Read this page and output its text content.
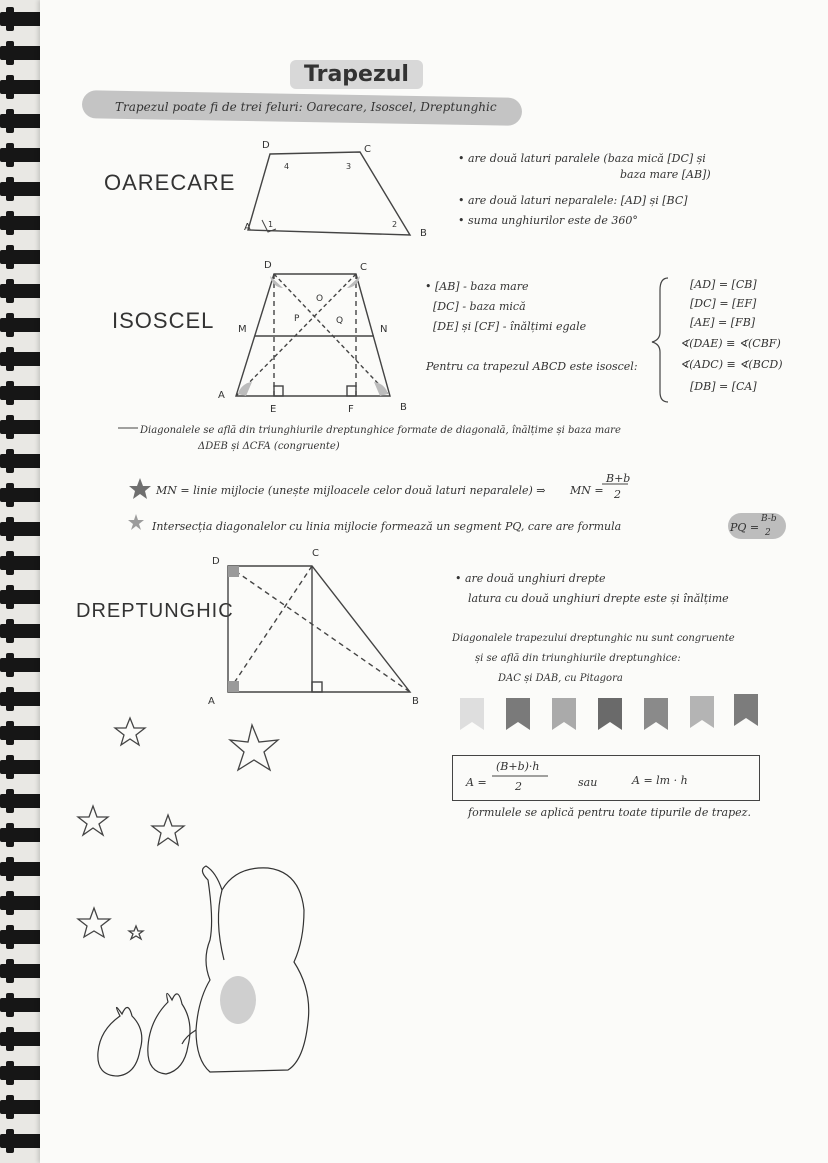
Trapezul
Trapezul poate fi de trei feluri: Oarecare, Isoscel, Dreptunghic
OARECARE
• are două laturi paralele (baza mică [DC] și
baza mare [AB])
• are două laturi neparalele: [AD] și [BC]
• suma unghiurilor este de 360°
ISOSCEL
• [AB] - baza mare
[DC] - baza mică
[DE] și [CF] - înălțimi egale
Pentru ca trapezul ABCD este isoscel:
[AD] = [CB]
[DC] = [EF]
[AE] = [FB]
∢(DAE) ≡ ∢(CBF)
∢(ADC) ≡ ∢(BCD)
[DB] = [CA]
Diagonalele se află din triunghiurile dreptunghice formate de diagonală, înălțime și baza mare
ΔDEB și ΔCFA (congruente)
MN = linie mijlocie (unește mijloacele celor două laturi neparalele) ⇒ MN =
B+b
2
Intersecția diagonalelor cu linia mijlocie formează un segment PQ, care are formula	PQ =
B-b
2
DREPTUNGHIC
• are două unghiuri drepte
latura cu două unghiuri drepte este și înălțime
Diagonalele trapezului dreptunghic nu sunt congruente
și se află din triunghiurile dreptunghice:
DAC și DAB, cu Pitagora
A =
(B+b)·h
2	sau	A = lm · h
formulele se aplică pentru toate tipurile de trapez.
D	C
A
B
4	3
1	2
D	C
A
B
M	N
O
P	Q
E	F
D
C
A	B
